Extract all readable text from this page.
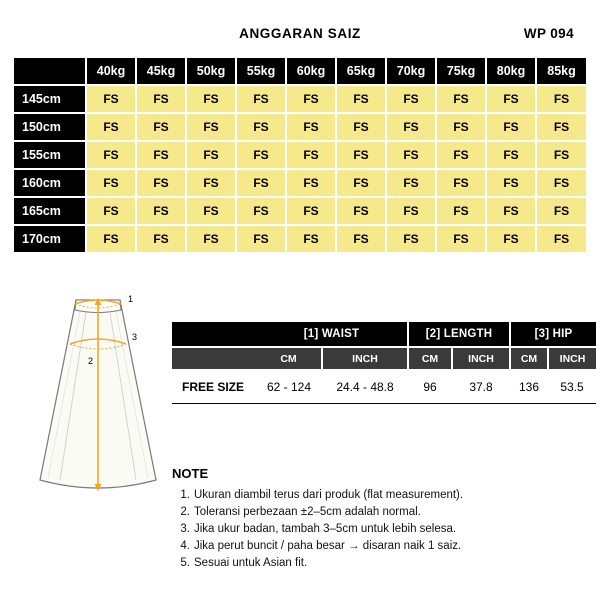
ANGGARAN SAIZ	WP 094
	40kg	45kg	50kg	55kg	60kg	65kg	70kg	75kg	80kg	85kg
145cm	FS	FS	FS	FS	FS	FS	FS	FS	FS	FS
150cm	FS	FS	FS	FS	FS	FS	FS	FS	FS	FS
155cm	FS	FS	FS	FS	FS	FS	FS	FS	FS	FS
160cm	FS	FS	FS	FS	FS	FS	FS	FS	FS	FS
165cm	FS	FS	FS	FS	FS	FS	FS	FS	FS	FS
170cm	FS	FS	FS	FS	FS	FS	FS	FS	FS	FS
1
3
2
	[1] WAIST		[2] LENGTH		[3] HIP	
	CM	INCH	CM	INCH	CM	INCH
FREE SIZE	62 - 124	24.4 - 48.8	96	37.8	136	53.5
NOTE
1. Ukuran diambil terus dari produk (flat measurement).
2. Toleransi perbezaan ±2–5cm adalah normal.
3. Jika ukur badan, tambah 3–5cm untuk lebih selesa.
4. Jika perut buncit / paha besar → disaran naik 1 saiz.
5. Sesuai untuk Asian fit.
